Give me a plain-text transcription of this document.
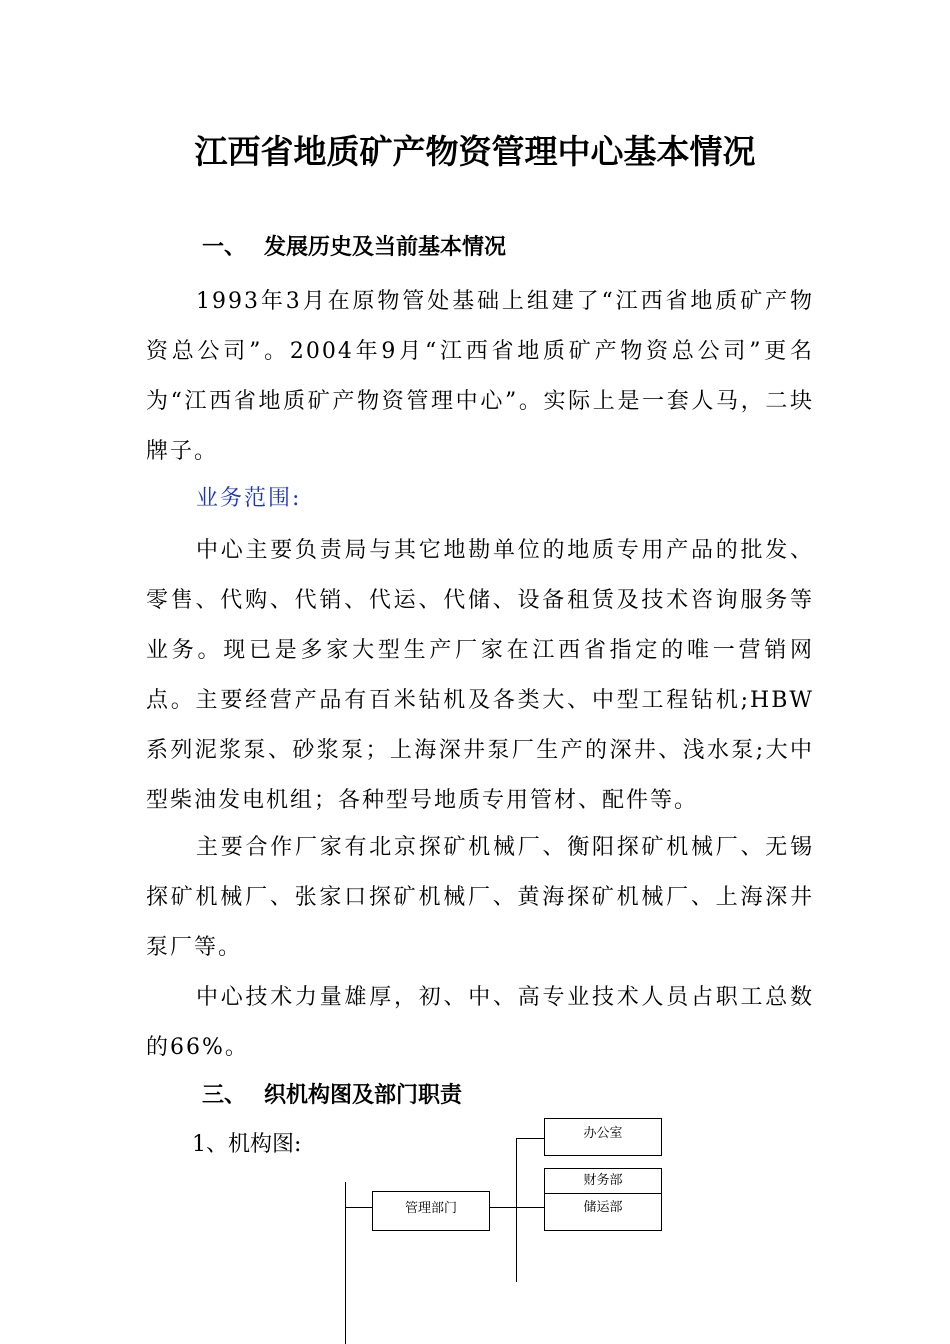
江西省地质矿产物资管理中心基本情况
一、 发展历史及当前基本情况

1993年3月在原物管处基础上组建了“江西省地质矿产物资总公司”。2004年9月“江西省地质矿产物资总公司”更名为“江西省地质矿产物资管理中心”。实际上是一套人马，二块牌子。

业务范围:

中心主要负责局与其它地勘单位的地质专用产品的批发、零售、代购、代销、代运、代储、设备租赁及技术咨询服务等业务。现已是多家大型生产厂家在江西省指定的唯一营销网点。主要经营产品有百米钻机及各类大、中型工程钻机;HBW系列泥浆泵、砂浆泵；上海深井泵厂生产的深井、浅水泵;大中型柴油发电机组；各种型号地质专用管材、配件等。

主要合作厂家有北京探矿机械厂、衡阳探矿机械厂、无锡探矿机械厂、张家口探矿机械厂、黄海探矿机械厂、上海深井泵厂等。

中心技术力量雄厚，初、中、高专业技术人员占职工总数的66%。

三、 织机构图及部门职责

1、机构图:

管理部门
办公室
财务部
储运部
